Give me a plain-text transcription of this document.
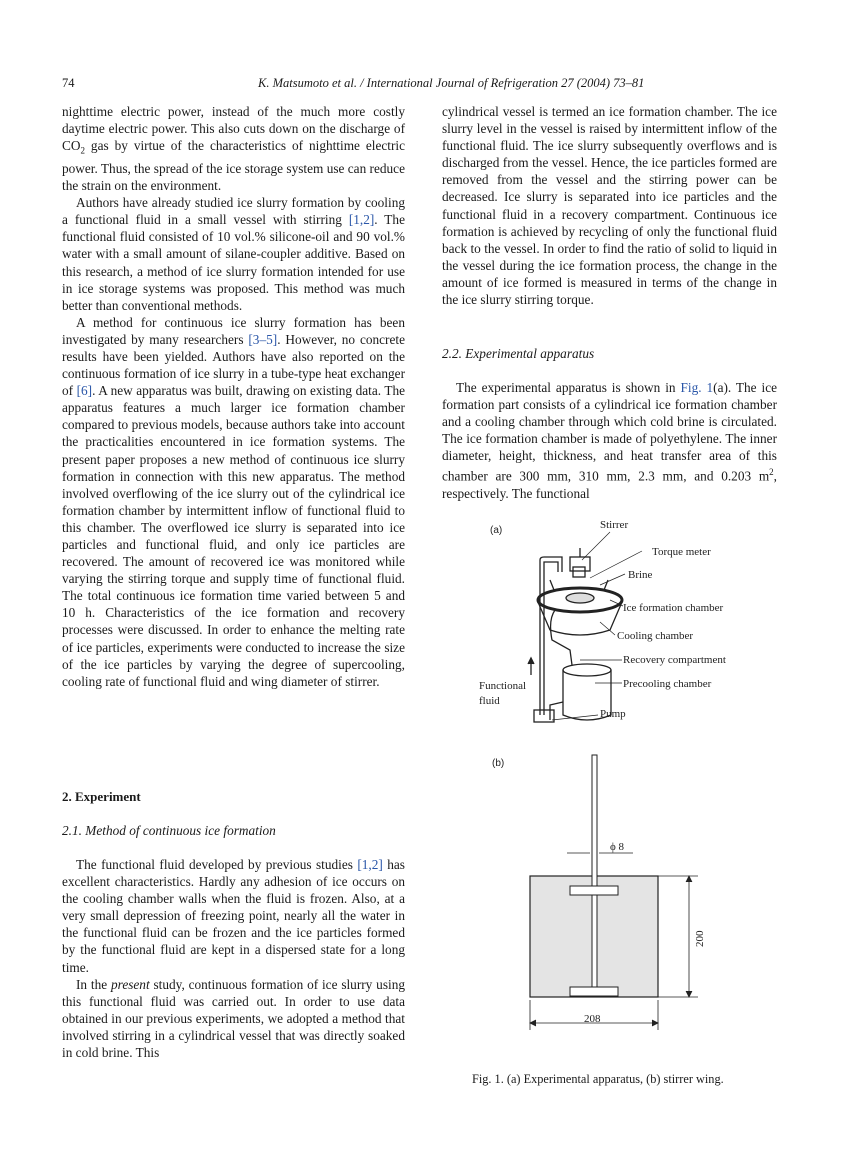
74	K. Matsumoto et al. / International Journal of Refrigeration 27 (2004) 73–81

nighttime electric power, instead of the much more costly daytime electric power. This also cuts down on the discharge of $CO_2$ gas by virtue of the characteristics of nighttime electric power. Thus, the spread of the ice storage system use can reduce the strain on the environment.

Authors have already studied ice slurry formation by cooling a functional fluid in a small vessel with stirring [1,2]. The functional fluid consisted of 10 vol.% silicone-oil and 90 vol.% water with a small amount of silane-coupler additive. Based on this research, a method of ice slurry formation intended for use in ice storage systems was proposed. This method was much better than conventional methods.

A method for continuous ice slurry formation has been investigated by many researchers [3–5]. However, no concrete results have been yielded. Authors have also reported on the continuous formation of ice slurry in a tube-type heat exchanger of [6]. A new apparatus was built, drawing on existing data. The apparatus features a much larger ice formation chamber compared to previous models, because authors take into account the practicalities encountered in ice formation systems. The present paper proposes a new method of continuous ice slurry formation in connection with this new apparatus. The method involved overflowing of the ice slurry out of the cylindrical ice formation chamber by intermittent inflow of functional fluid to this chamber. The overflowed ice slurry is separated into ice particles and functional fluid, and only ice particles are recovered. The amount of recovered ice was monitored while varying the stirring torque and supply time of functional fluid. The total continuous ice formation time varied between 5 and 10 h. Characteristics of the ice formation and recovery processes were discussed. In order to enhance the melting rate of ice particles, experiments were conducted to increase the size of the ice particles by varying the degree of supercooling, cooling rate of functional fluid and wing diameter of stirrer.

2. Experiment
2.1. Method of continuous ice formation

The functional fluid developed by previous studies [1,2] has excellent characteristics. Hardly any adhesion of ice occurs on the cooling chamber walls when the fluid is frozen. Also, at a very small depression of freezing point, nearly all the water in the functional fluid can be frozen and the ice particles formed by the functional fluid are kept in a dispersed state for a long time.

In the present study, continuous formation of ice slurry using this functional fluid was carried out. In order to use data obtained in our previous experiments, we adopted a method that involved stirring in a cylindrical vessel that was directly soaked in cold brine. This

cylindrical vessel is termed an ice formation chamber. The ice slurry level in the vessel is raised by intermittent inflow of the functional fluid. The ice slurry subsequently overflows and is discharged from the vessel. Hence, the ice particles formed are removed from the vessel and the stirring power can be decreased. Ice slurry is separated into ice particles and the functional fluid in a recovery compartment. Continuous ice formation is achieved by recycling of only the functional fluid back to the vessel. In order to find the ratio of solid to liquid in the vessel during the ice formation process, the change in the amount of ice formed is measured in terms of the change in the ice slurry stirring torque.

2.2. Experimental apparatus

The experimental apparatus is shown in Fig. 1(a). The ice formation part consists of a cylindrical ice formation chamber and a cooling chamber through which cold brine is circulated. The ice formation chamber is made of polyethylene. The inner diameter, height, thickness, and heat transfer area of this chamber are 300 mm, 310 mm, 2.3 mm, and 0.203 $m^2$, respectively. The functional

(a)	Stirrer
Torque meter
Brine
Ice formation chamber
Cooling chamber
Recovery compartment
Precooling chamber
Functional
fluid
Pump
(b)
ϕ 8
200
208
Fig. 1. (a) Experimental apparatus, (b) stirrer wing.
